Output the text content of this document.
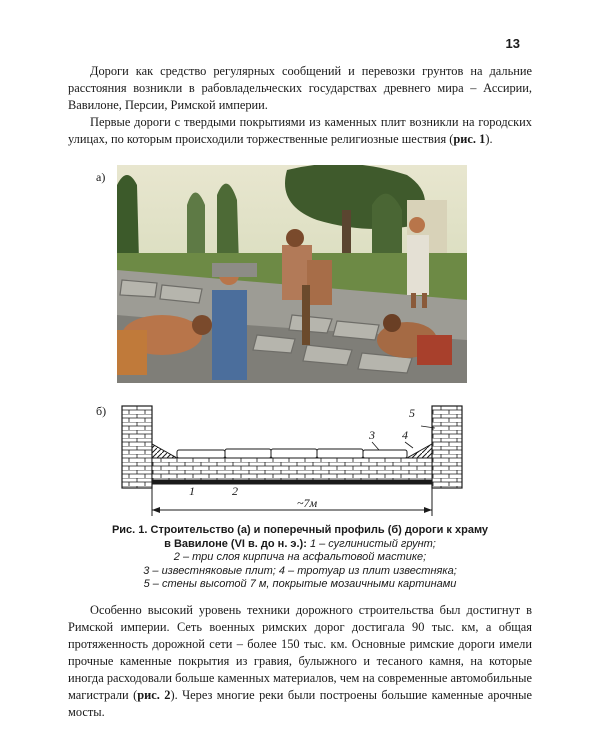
13

Дороги как средство регулярных сообщений и перевозки грунтов на дальние расстояния возникли в рабовладельческих государствах древнего мира – Ассирии, Вавилоне, Персии, Римской империи.

Первые дороги с твердыми покрытиями из каменных плит возникли на городских улицах, по которым происходили торжественные религиозные шествия (рис. 1).

а)
б)
1	2
3 4
5
~7м
Рис. 1. Строительство (а) и поперечный профиль (б) дороги к храму
в Вавилоне (VI в. до н. э.): 1 – суглинистый грунт;
2 – три слоя кирпича на асфальтовой мастике;
3 – известняковые плит; 4 – тротуар из плит известняка;
5 – стены высотой 7 м, покрытые мозаичными картинами

Особенно высокий уровень техники дорожного строительства был достигнут в Римской империи. Сеть военных римских дорог достигала 90 тыс. км, а общая протяженность дорожной сети – более 150 тыс. км. Основные римские дороги имели прочные каменные покрытия из гравия, булыжного и тесаного камня, на которые иногда расходовали больше каменных материалов, чем на современные автомобильные магистрали (рис. 2). Через многие реки были построены большие каменные арочные мосты.
